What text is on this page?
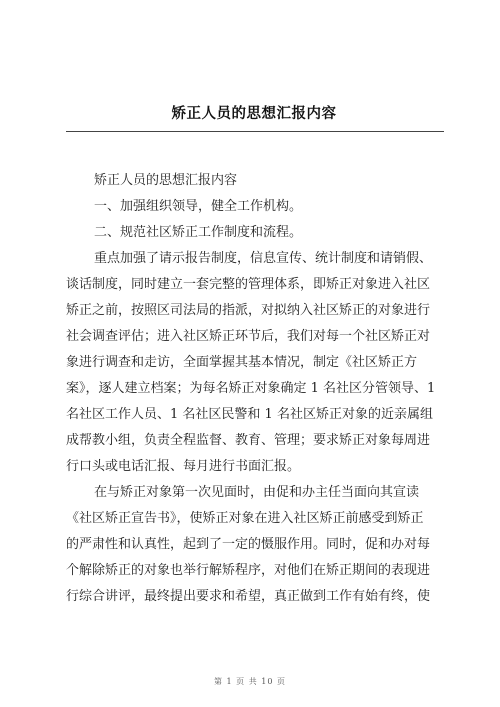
矫正人员的思想汇报内容
矫正人员的思想汇报内容
一、加强组织领导，健全工作机构。
二、规范社区矫正工作制度和流程。
重点加强了请示报告制度，信息宣传、统计制度和请销假、
谈话制度，同时建立一套完整的管理体系，即矫正对象进入社区
矫正之前，按照区司法局的指派，对拟纳入社区矫正的对象进行
社会调查评估；进入社区矫正环节后，我们对每一个社区矫正对
象进行调查和走访，全面掌握其基本情况，制定《社区矫正方
案》，逐人建立档案；为每名矫正对象确定 1 名社区分管领导、1
名社区工作人员、1 名社区民警和 1 名社区矫正对象的近亲属组
成帮教小组，负责全程监督、教育、管理；要求矫正对象每周进
行口头或电话汇报、每月进行书面汇报。
在与矫正对象第一次见面时，由促和办主任当面向其宣读
《社区矫正宣告书》，使矫正对象在进入社区矫正前感受到矫正
的严肃性和认真性，起到了一定的慑服作用。同时，促和办对每
个解除矫正的对象也举行解矫程序，对他们在矫正期间的表现进
行综合讲评，最终提出要求和希望，真正做到工作有始有终，使
第 1 页 共 10 页
